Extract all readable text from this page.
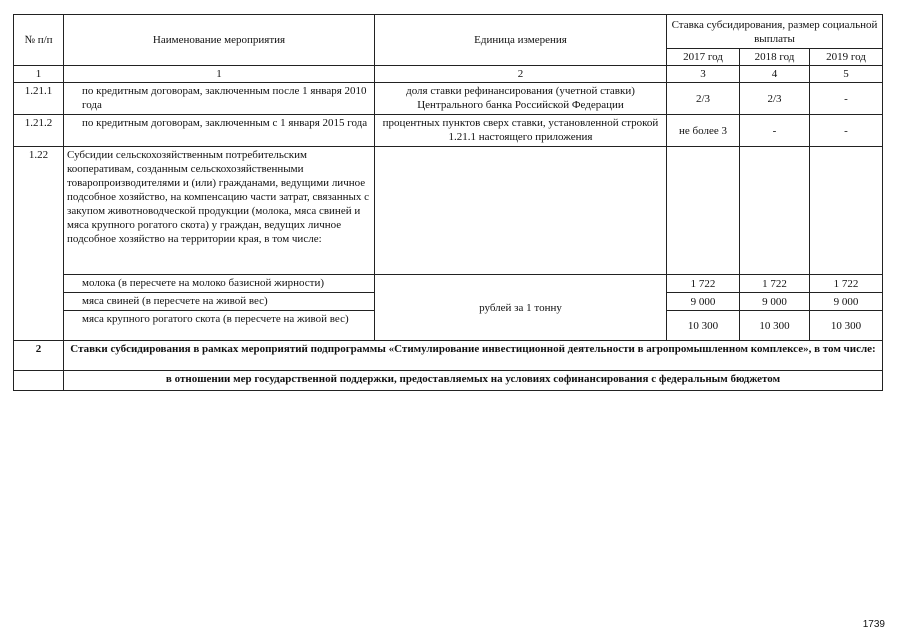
№ п/п	Наименование мероприятия	Единица измерения	Ставка субсидирования, размер социальной выплаты		
			2017 год	2018 год	2019 год
1	1	2	3	4	5
1.21.1	по кредитным договорам, заключенным после 1 января 2010 года	доля ставки рефинансирования (учетной ставки) Центрального банка Российской Федерации	2/3	2/3	-
1.21.2	по кредитным договорам, заключенным с 1 января 2015 года	процентных пунктов сверх ставки, установленной строкой 1.21.1 настоящего приложения	не более 3	-	-
1.22	Субсидии сельскохозяйственным потребительским кооперативам, созданным сельскохозяйственными товаропроизводителями и (или) гражданами, ведущими личное подсобное хозяйство, на компенсацию части затрат, связанных с закупом животноводческой продукции (молока, мяса свиней и мяса крупного рогатого скота) у граждан, ведущих личное подсобное хозяйство на территории края, в том числе:				
	молока (в пересчете на молоко базисной жирности)	рублей за 1 тонну	1 722	1 722	1 722
	мяса свиней (в пересчете на живой вес)		9 000	9 000	9 000
	мяса крупного рогатого скота (в пересчете на живой вес)		10 300	10 300	10 300
2	Ставки субсидирования в рамках мероприятий подпрограммы «Стимулирование инвестиционной деятельности в агропромышленном комплексе», в том числе:				
	в отношении мер государственной поддержки, предоставляемых на условиях софинансирования с федеральным бюджетом				
1739
